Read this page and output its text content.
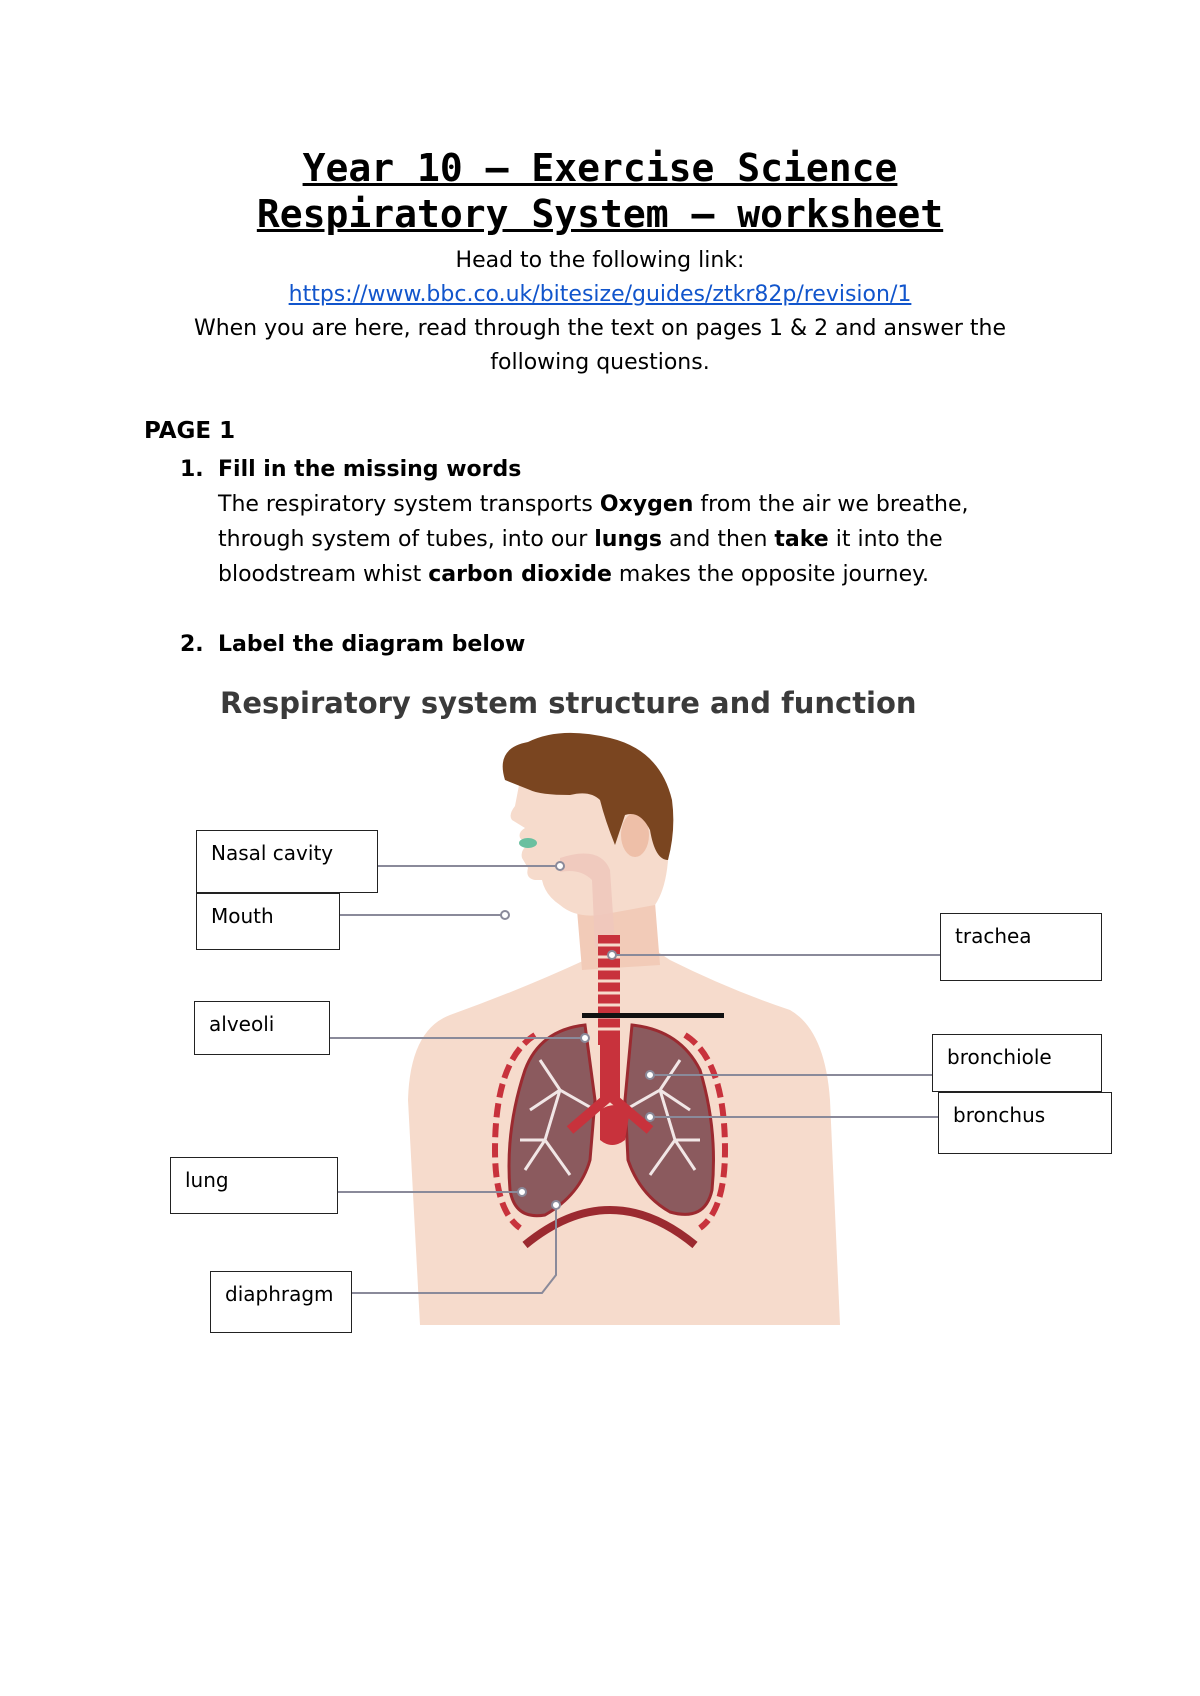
Year 10 – Exercise Science
Respiratory System – worksheet
Head to the following link:
https://www.bbc.co.uk/bitesize/guides/ztkr82p/revision/1
When you are here, read through the text on pages 1 & 2 and answer the
following questions.
PAGE 1
1. Fill in the missing words
The respiratory system transports Oxygen from the air we breathe,
through system of tubes, into our lungs and then take it into the
bloodstream whist carbon dioxide makes the opposite journey.
2. Label the diagram below
Respiratory system structure and function
Nasal cavity
Mouth
alveoli
lung
diaphragm
trachea
bronchiole
bronchus
